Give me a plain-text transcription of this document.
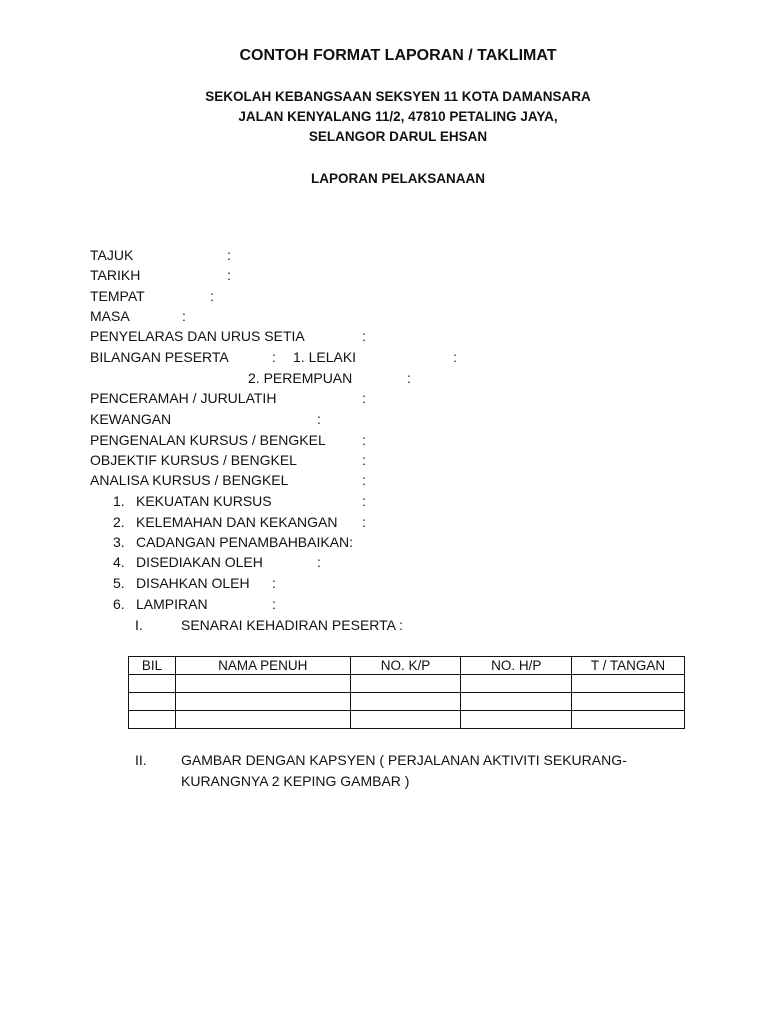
CONTOH FORMAT LAPORAN / TAKLIMAT
SEKOLAH KEBANGSAAN SEKSYEN 11 KOTA DAMANSARA
JALAN KENYALANG 11/2, 47810 PETALING JAYA,
SELANGOR DARUL EHSAN
LAPORAN PELAKSANAAN
TAJUK	:
TARIKH	:
TEMPAT	:
MASA	:
PENYELARAS DAN URUS SETIA	:
BILANGAN PESERTA	: 1. LELAKI	:
2. PEREMPUAN	:
PENCERAMAH / JURULATIH	:
KEWANGAN	:
PENGENALAN KURSUS / BENGKEL	:
OBJEKTIF KURSUS / BENGKEL	:
ANALISA KURSUS / BENGKEL	:
1. KEKUATAN KURSUS	:
2. KELEMAHAN DAN KEKANGAN :
3. CADANGAN PENAMBAHBAIKAN:
4. DISEDIAKAN OLEH	:
5. DISAHKAN OLEH :
6. LAMPIRAN	:
I.	SENARAI KEHADIRAN PESERTA :
BIL	NAMA PENUH	NO. K/P	NO. H/P	T / TANGAN

II. GAMBAR DENGAN KAPSYEN ( PERJALANAN AKTIVITI SEKURANG-
KURANGNYA 2 KEPING GAMBAR )
